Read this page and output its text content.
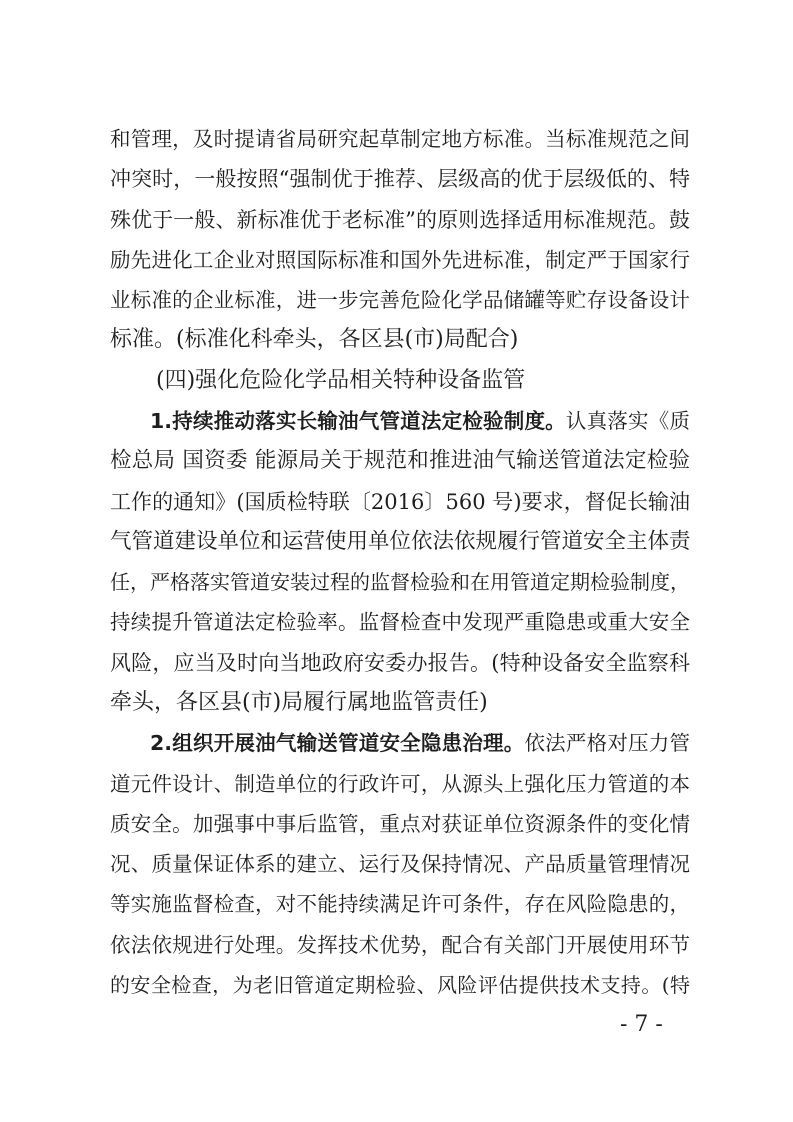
和管理，及时提请省局研究起草制定地方标准。当标准规范之间
冲突时，一般按照“强制优于推荐、层级高的优于层级低的、特
殊优于一般、新标准优于老标准”的原则选择适用标准规范。鼓
励先进化工企业对照国际标准和国外先进标准，制定严于国家行
业标准的企业标准，进一步完善危险化学品储罐等贮存设备设计
标准。(标准化科牵头，各区县(市)局配合)
(四)强化危险化学品相关特种设备监管
1.持续推动落实长输油气管道法定检验制度。认真落实《质
检总局 国资委 能源局关于规范和推进油气输送管道法定检验
工作的通知》(国质检特联〔2016〕560 号)要求，督促长输油
气管道建设单位和运营使用单位依法依规履行管道安全主体责
任，严格落实管道安装过程的监督检验和在用管道定期检验制度，
持续提升管道法定检验率。监督检查中发现严重隐患或重大安全
风险，应当及时向当地政府安委办报告。(特种设备安全监察科
牵头，各区县(市)局履行属地监管责任)
2.组织开展油气输送管道安全隐患治理。依法严格对压力管
道元件设计、制造单位的行政许可，从源头上强化压力管道的本
质安全。加强事中事后监管，重点对获证单位资源条件的变化情
况、质量保证体系的建立、运行及保持情况、产品质量管理情况
等实施监督检查，对不能持续满足许可条件，存在风险隐患的，
依法依规进行处理。发挥技术优势，配合有关部门开展使用环节
的安全检查，为老旧管道定期检验、风险评估提供技术支持。(特
- 7 -
